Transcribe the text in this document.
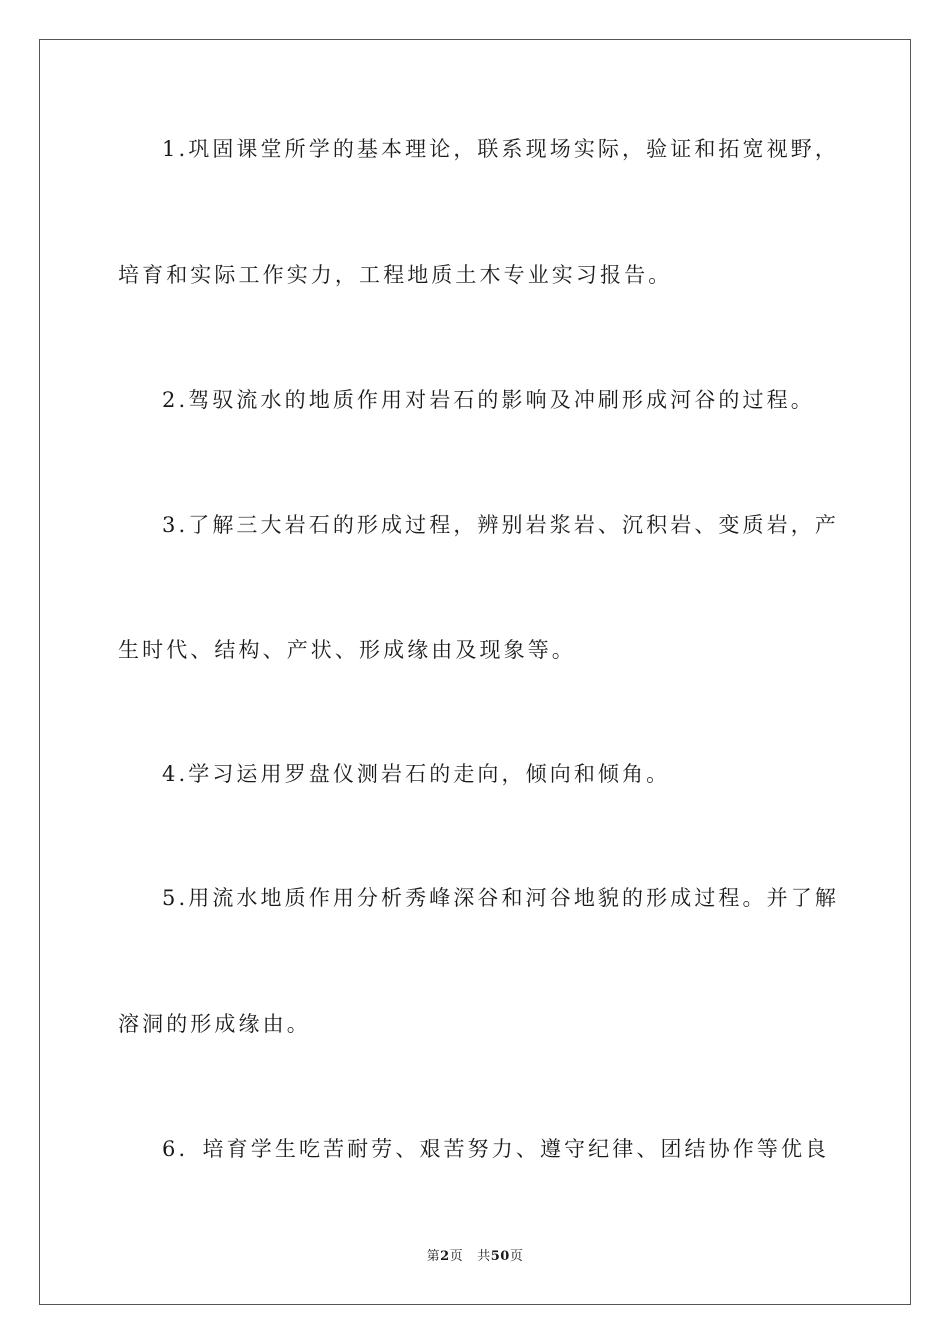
1.巩固课堂所学的基本理论，联系现场实际，验证和拓宽视野，
培育和实际工作实力，工程地质土木专业实习报告。
2.驾驭流水的地质作用对岩石的影响及冲刷形成河谷的过程。
3.了解三大岩石的形成过程，辨别岩浆岩、沉积岩、变质岩，产
生时代、结构、产状、形成缘由及现象等。
4.学习运用罗盘仪测岩石的走向，倾向和倾角。
5.用流水地质作用分析秀峰深谷和河谷地貌的形成过程。并了解
溶洞的形成缘由。
6．培育学生吃苦耐劳、艰苦努力、遵守纪律、团结协作等优良
第2页 共50页
